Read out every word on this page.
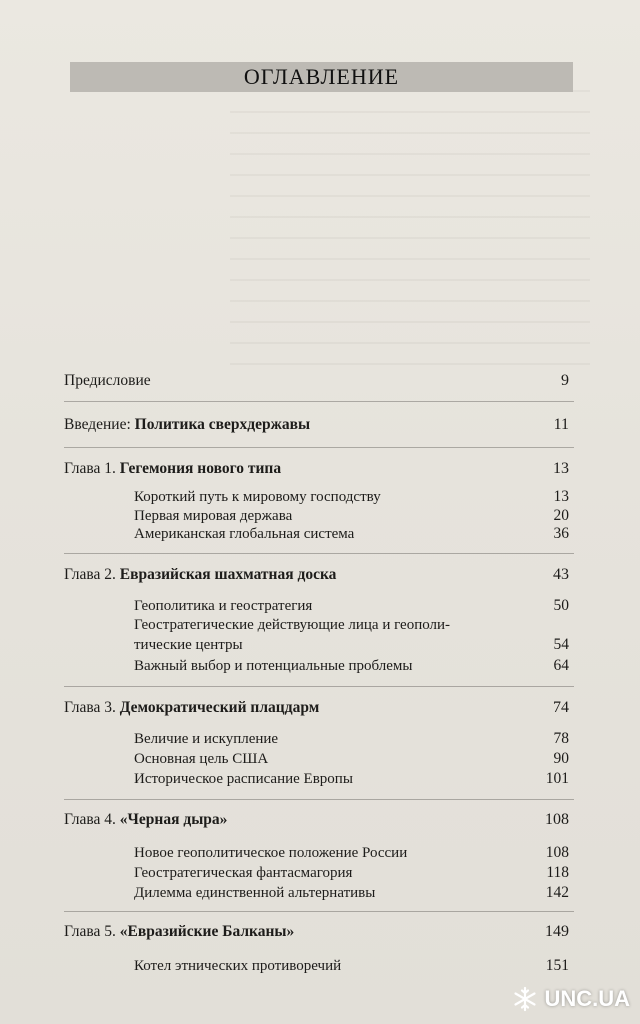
ОГЛАВЛЕНИЕ
Предисловие	9
Введение: Политика сверхдержавы	11
Глава 1. Гегемония нового типа	13
Короткий путь к мировому господству	13
Первая мировая держава	20
Американская глобальная система	36
Глава 2. Евразийская шахматная доска	43
Геополитика и геостратегия	50
Геостратегические действующие лица и геополи-
тические центры	54
Важный выбор и потенциальные проблемы	64
Глава 3. Демократический плацдарм	74
Величие и искупление	78
Основная цель США	90
Историческое расписание Европы	101
Глава 4. «Черная дыра»	108
Новое геополитическое положение России	108
Геостратегическая фантасмагория	118
Дилемма единственной альтернативы	142
Глава 5. «Евразийские Балканы»	149
Котел этнических противоречий	151
UNC.UA
